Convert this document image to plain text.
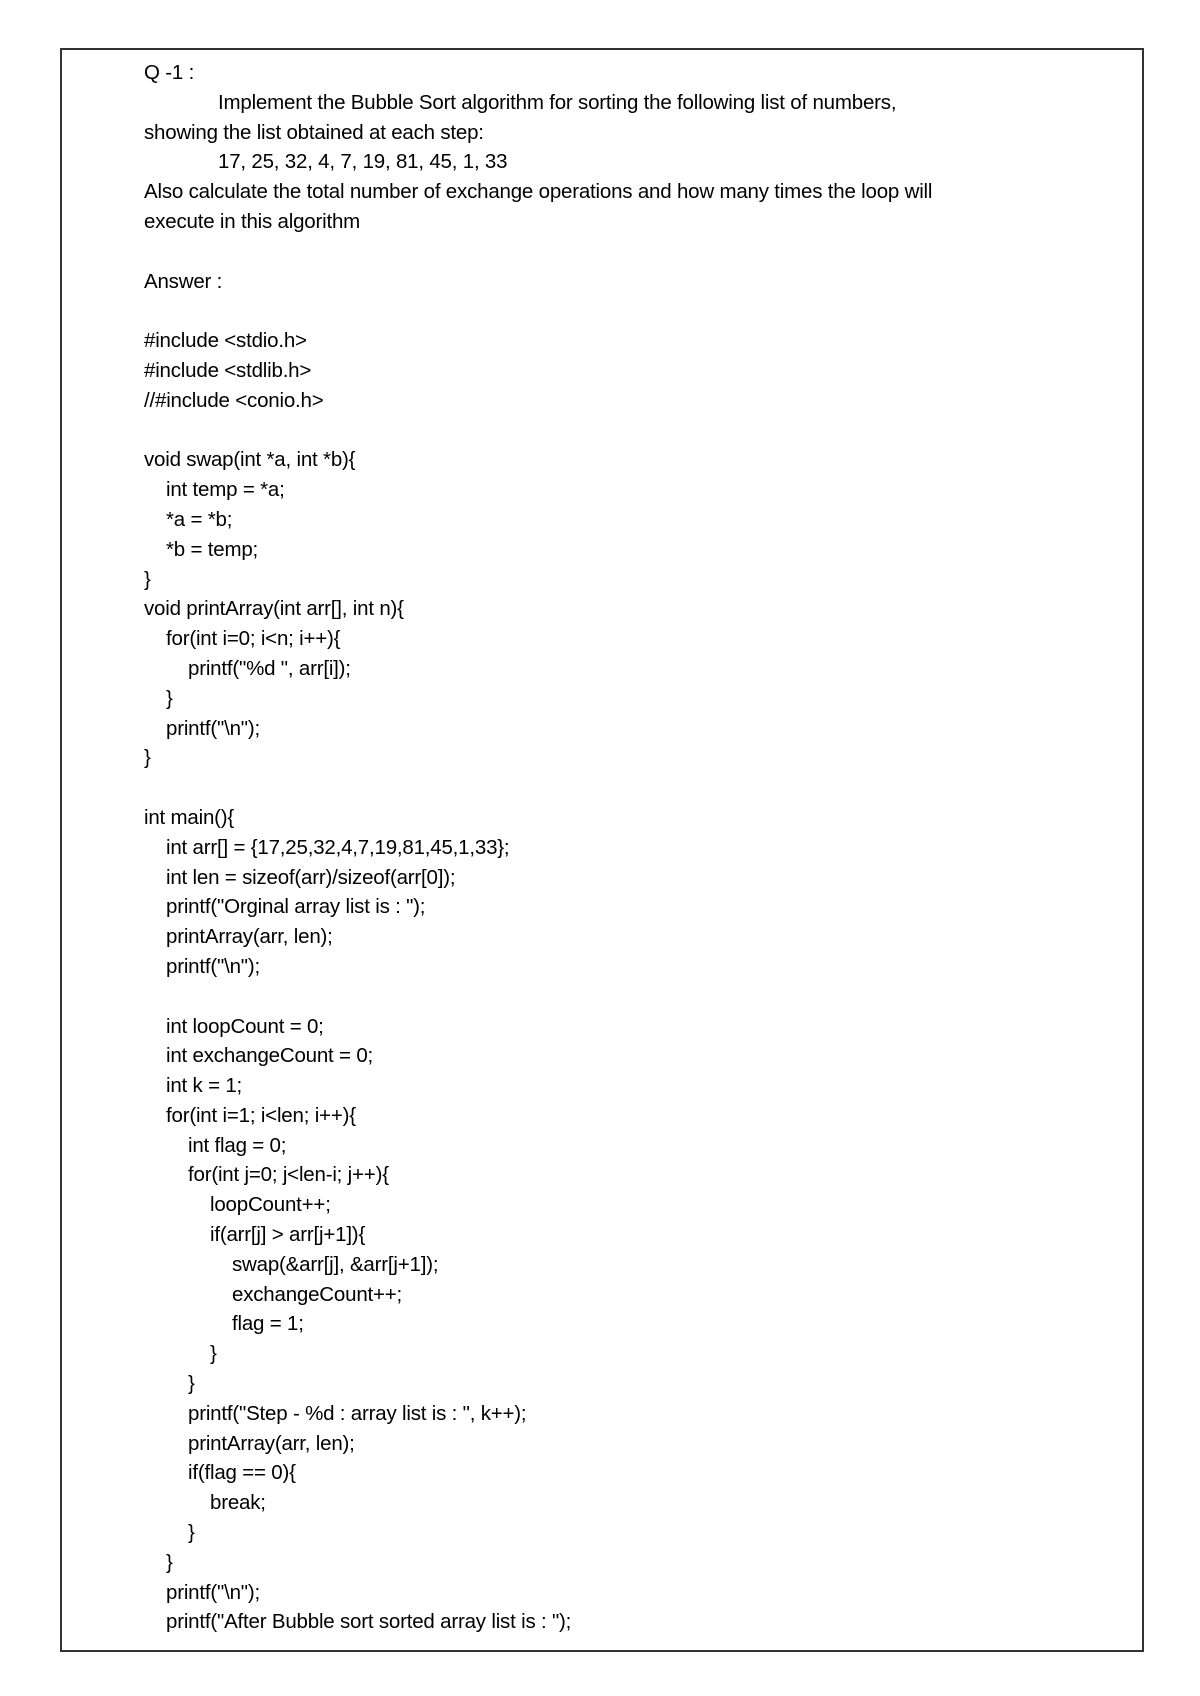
Q -1 :
Implement the Bubble Sort algorithm for sorting the following list of numbers,
showing the list obtained at each step:
17, 25, 32, 4, 7, 19, 81, 45, 1, 33
Also calculate the total number of exchange operations and how many times the loop will
execute in this algorithm
Answer :
#include <stdio.h>
#include <stdlib.h>
//#include <conio.h>
void swap(int *a, int *b){
int temp = *a;
*a = *b;
*b = temp;
}
void printArray(int arr[], int n){
for(int i=0; i<n; i++){
printf("%d ", arr[i]);
}
printf("\n");
}
int main(){
int arr[] = {17,25,32,4,7,19,81,45,1,33};
int len = sizeof(arr)/sizeof(arr[0]);
printf("Orginal array list is : ");
printArray(arr, len);
printf("\n");
int loopCount = 0;
int exchangeCount = 0;
int k = 1;
for(int i=1; i<len; i++){
int flag = 0;
for(int j=0; j<len-i; j++){
loopCount++;
if(arr[j] > arr[j+1]){
swap(&arr[j], &arr[j+1]);
exchangeCount++;
flag = 1;
}
}
printf("Step - %d : array list is : ", k++);
printArray(arr, len);
if(flag == 0){
break;
}
}
printf("\n");
printf("After Bubble sort sorted array list is : ");
